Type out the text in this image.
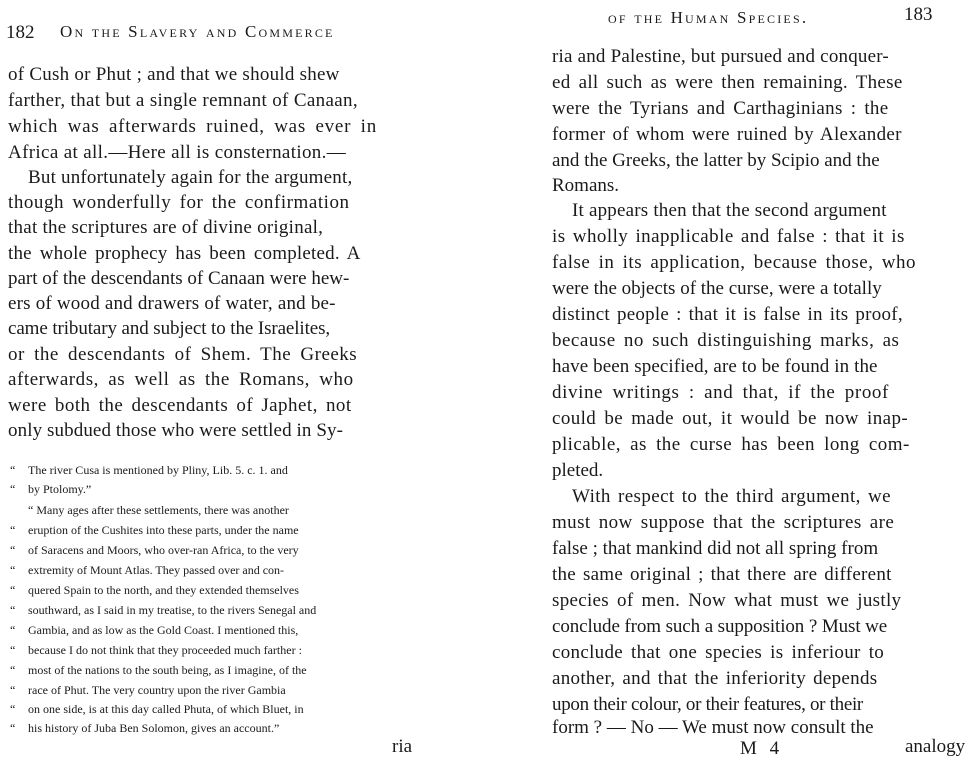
182 On the Slavery and Commerce
of Cush or Phut ; and that we should shew
farther, that but a single remnant of Canaan,
which was afterwards ruined, was ever in
Africa at all.—Here all is consternation.—
But unfortunately again for the argument,
though wonderfully for the confirmation
that the scriptures are of divine original,
the whole prophecy has been completed. A
part of the descendants of Canaan were hew-
ers of wood and drawers of water, and be-
came tributary and subject to the Israelites,
or the descendants of Shem. The Greeks
afterwards, as well as the Romans, who
were both the descendants of Japhet, not
only subdued those who were settled in Sy-
“ The river Cusa is mentioned by Pliny, Lib. 5. c. 1. and
“ by Ptolomy.”
“ Many ages after these settlements, there was another
“ eruption of the Cushites into these parts, under the name
“ of Saracens and Moors, who over-ran Africa, to the very
“ extremity of Mount Atlas. They passed over and con-
“ quered Spain to the north, and they extended themselves
“ southward, as I said in my treatise, to the rivers Senegal and
“ Gambia, and as low as the Gold Coast. I mentioned this,
“ because I do not think that they proceeded much farther :
“ most of the nations to the south being, as I imagine, of the
“ race of Phut. The very country upon the river Gambia
“ on one side, is at this day called Phuta, of which Bluet, in
“ his history of Juba Ben Solomon, gives an account.”
ria
of the Human Species.	183
ria and Palestine, but pursued and conquer-
ed all such as were then remaining. These
were the Tyrians and Carthaginians : the
former of whom were ruined by Alexander
and the Greeks, the latter by Scipio and the
Romans.
It appears then that the second argument
is wholly inapplicable and false : that it is
false in its application, because those, who
were the objects of the curse, were a totally
distinct people : that it is false in its proof,
because no such distinguishing marks, as
have been specified, are to be found in the
divine writings : and that, if the proof
could be made out, it would be now inap-
plicable, as the curse has been long com-
pleted.
With respect to the third argument, we
must now suppose that the scriptures are
false ; that mankind did not all spring from
the same original ; that there are different
species of men. Now what must we justly
conclude from such a supposition ? Must we
conclude that one species is inferiour to
another, and that the inferiority depends
upon their colour, or their features, or their
form ? — No — We must now consult the
M 4	analogy
